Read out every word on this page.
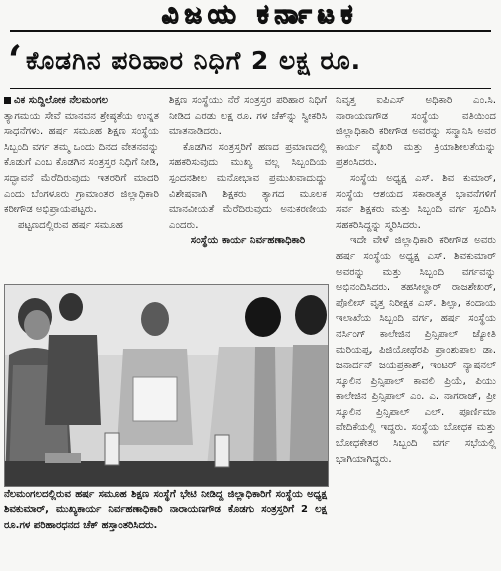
ವಿಜಯ ಕರ್ನಾಟಕ
‘ ಕೊಡಗಿನ ಪರಿಹಾರ ನಿಧಿಗೆ 2 ಲಕ್ಷ ರೂ.

ವಿಕ ಸುದ್ದಿಲೋಕ ನೆಲಮಂಗಲ

ತ್ಯಾಗಮಯ ಸೇವೆ ಮಾನವನ ಶ್ರೇಷ್ಠತೆಯ ಉನ್ನತ ಸಾಧನೆಗಳು. ಹರ್ಷ ಸಮೂಹ ಶಿಕ್ಷಣ ಸಂಸ್ಥೆಯ ಸಿಬ್ಬಂದಿ ವರ್ಗ ತಮ್ಮ ಒಂದು ದಿನದ ವೇತನವನ್ನು ಕೊಡುಗೆ ಎಂಬ ಕೊಡಗಿನ ಸಂತ್ರಸ್ತರ ನಿಧಿಗೆ ನೀಡಿ, ಸದ್ಭಾವನೆ ಮೆರೆದಿರುವುದು ಇತರರಿಗೆ ಮಾದರಿ ಎಂದು ಬೆಂಗಳೂರು ಗ್ರಾಮಾಂತರ ಜಿಲ್ಲಾಧಿಕಾರಿ ಕರೀಗೌಡ ಅಭಿಪ್ರಾಯಪಟ್ಟರು.

ಪಟ್ಟಣದಲ್ಲಿರುವ ಹರ್ಷ ಸಮೂಹ

ಶಿಕ್ಷಣ ಸಂಸ್ಥೆಯು ನೆರೆ ಸಂತ್ರಸ್ತರ ಪರಿಹಾರ ನಿಧಿಗೆ ನೀಡಿದ ಎರಡು ಲಕ್ಷ ರೂ. ಗಳ ಚೆಕ್‌ನ್ನು ಸ್ವೀಕರಿಸಿ ಮಾತನಾಡಿದರು.

ಕೊಡಗಿನ ಸಂತ್ರಸ್ತರಿಗೆ ಹಣದ ಪ್ರಮಾಣದಲ್ಲಿ ಸಹಕರಿಸುವುದು ಮುಖ್ಯ ವಲ್ಲ ಸಿಬ್ಬಂದಿಯ ಸ್ಪಂದನಶೀಲ ಮನೋಭಾವ ಪ್ರಮುಖವಾದುದ್ದು ವಿಶೇಷವಾಗಿ ಶಿಕ್ಷಕರು ತ್ಯಾಗದ ಮೂಲಕ ಮಾನವೀಯತೆ ಮೆರೆದಿರುವುದು ಅನುಕರಣೀಯ ಎಂದರು.

ಸಂಸ್ಥೆಯ ಕಾರ್ಯ ನಿರ್ವಹಣಾಧಿಕಾರಿ

ನೆಲಮಂಗಲದಲ್ಲಿರುವ ಹರ್ಷ ಸಮೂಹ ಶಿಕ್ಷಣ ಸಂಸ್ಥೆಗೆ ಭೇಟಿ ನೀಡಿದ್ದ ಜಿಲ್ಲಾಧಿಕಾರಿಗೆ ಸಂಸ್ಥೆಯ ಅಧ್ಯಕ್ಷ ಶಿವಕುಮಾರ್, ಮುಖ್ಯಕಾರ್ಯ ನಿರ್ವಹಣಾಧಿಕಾರಿ ನಾರಾಯಣಗೌಡ ಕೊಡಗು ಸಂತ್ರಸ್ತರಿಗೆ 2 ಲಕ್ಷ ರೂ.ಗಳ ಪರಿಹಾರಧನದ ಚೆಕ್ ಹಸ್ತಾಂತರಿಸಿದರು.

ನಿವೃತ್ತ ಐಪಿಎಸ್ ಅಧಿಕಾರಿ ಎಂ.ಸಿ. ನಾರಾಯಣಗೌಡ ಸಂಸ್ಥೆಯ ವತಿಯಿಂದ ಜಿಲ್ಲಾಧಿಕಾರಿ ಕರೀಗೌಡ ಅವರನ್ನು ಸನ್ಮಾನಿಸಿ ಅವರ ಕಾರ್ಯ ವೈಖರಿ ಮತ್ತು ಕ್ರಿಯಾಶೀಲತೆಯನ್ನು ಪ್ರಶಂಸಿದರು.

ಸಂಸ್ಥೆಯ ಅಧ್ಯಕ್ಷ ಎಸ್. ಶಿವ ಕುಮಾರ್, ಸಂಸ್ಥೆಯ ಆಶಯದ ಸಕಾರಾತ್ಮಕ ಭಾವನೆಗಳಿಗೆ ಸರ್ವ ಶಿಕ್ಷಕರು ಮತ್ತು ಸಿಬ್ಬಂದಿ ವರ್ಗ ಸ್ಪಂದಿಸಿ ಸಹಕರಿಸಿದ್ದನ್ನು ಸ್ಮರಿಸಿದರು.

ಇದೇ ವೇಳೆ ಜಿಲ್ಲಾಧಿಕಾರಿ ಕರೀಗೌಡ ಅವರು ಹರ್ಷ ಸಂಸ್ಥೆಯ ಅಧ್ಯಕ್ಷ ಎಸ್. ಶಿವಕುಮಾರ್ ಅವರನ್ನು ಮತ್ತು ಸಿಬ್ಬಂದಿ ವರ್ಗವನ್ನು ಅಭಿನಂದಿಸಿದರು. ತಹಸೀಲ್ದಾರ್ ರಾಜಶೇಖರ್, ಪೊಲೀಸ್ ವೃತ್ತ ನಿರೀಕ್ಷಕ ಎಸ್. ಶಿಲ್ಪಾ, ಕಂದಾಯ ಇಲಾಖೆಯ ಸಿಬ್ಬಂದಿ ವರ್ಗ, ಹರ್ಷ ಸಂಸ್ಥೆಯ ನರ್ಸಿಂಗ್ ಕಾಲೇಜಿನ ಪ್ರಿನ್ಸಿಪಾಲ್ ಜ್ಯೋತಿ ಮರಿಯಪ್ಪ, ಪಿಜಿಯೋಥೆರಪಿ ಪ್ರಾಂಶುಪಾಲ ಡಾ. ಜನಾರ್ದನ್ ಜಯಪ್ರಕಾಶ್, ಇಂಟರ್ ನ್ಯಾಷನಲ್ ಸ್ಕೂಲಿನ ಪ್ರಿನ್ಸಿಪಾಲ್ ಕಾವಲಿ ಪ್ರಿಯೆ, ಪಿಯು ಕಾಲೇಜಿನ ಪ್ರಿನ್ಸಿಪಾಲ್ ಎಂ. ಎ. ನಾಗರಾಜ್, ಪ್ರೀ ಸ್ಕೂಲಿನ ಪ್ರಿನ್ಸಿಪಾಲ್ ಎಲ್. ಪೂರ್ಣಿಮಾ ವೇದಿಕೆಯಲ್ಲಿ ಇದ್ದರು. ಸಂಸ್ಥೆಯ ಬೋಧಕ ಮತ್ತು ಬೋಧಕೇತರ ಸಿಬ್ಬಂದಿ ವರ್ಗ ಸಭೆಯಲ್ಲಿ ಭಾಗಿಯಾಗಿದ್ದರು.
